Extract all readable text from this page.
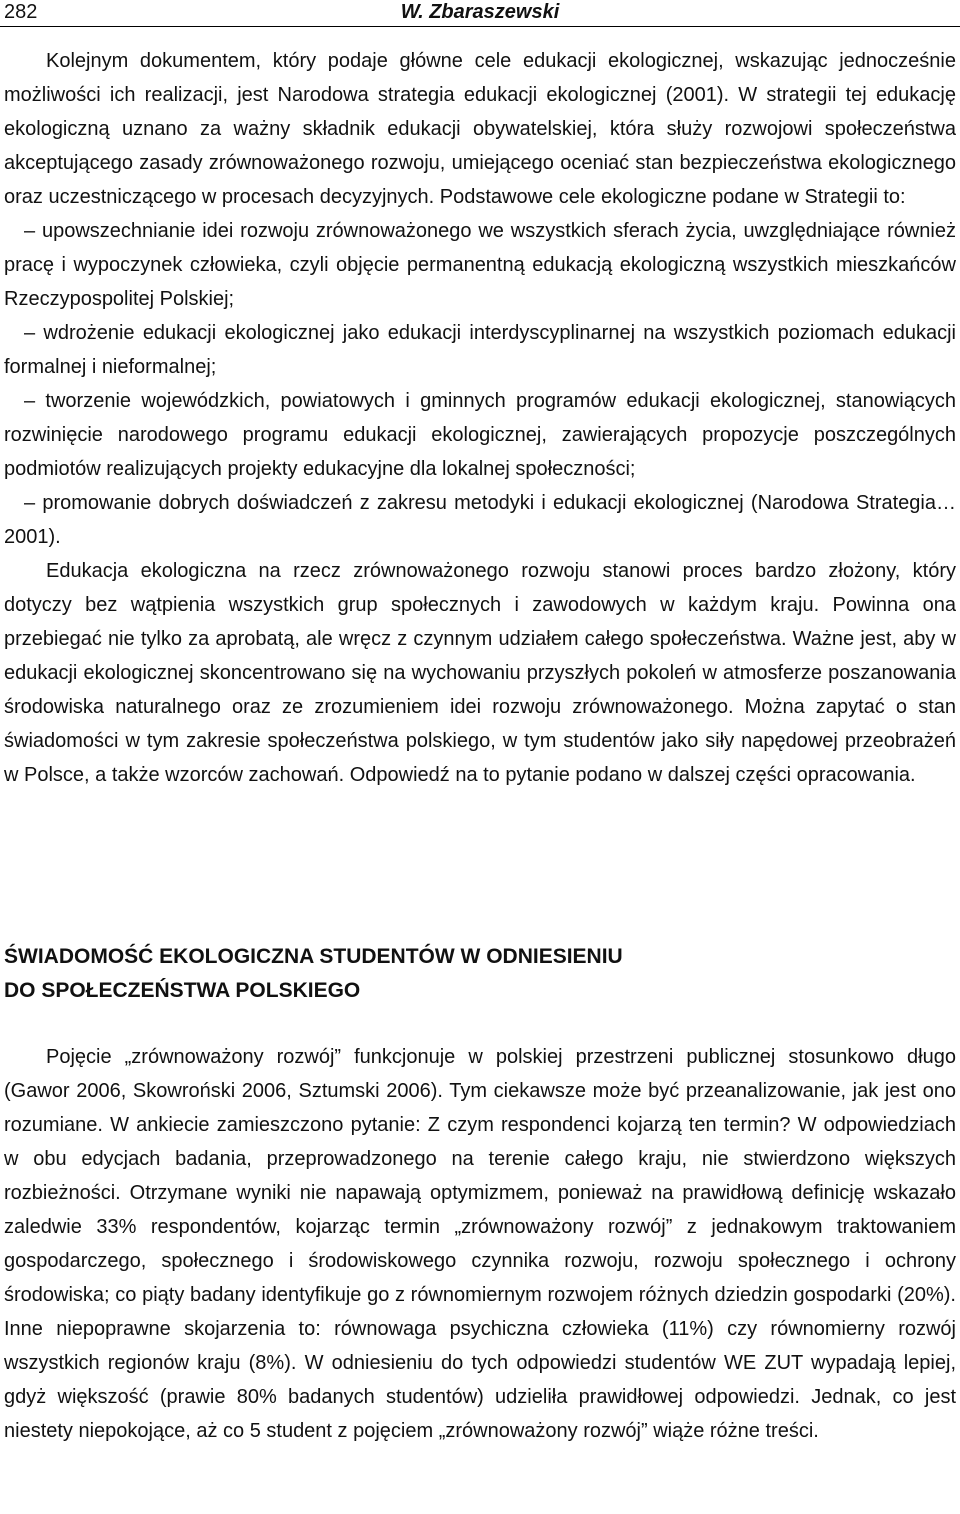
282	W. Zbaraszewski

Kolejnym dokumentem, który podaje główne cele edukacji ekologicznej, wskazując jednocześnie możliwości ich realizacji, jest Narodowa strategia edukacji ekologicznej (2001). W strategii tej edukację ekologiczną uznano za ważny składnik edukacji obywatelskiej, która służy rozwojowi społeczeństwa akceptującego zasady zrównoważonego rozwoju, umiejącego oceniać stan bezpieczeństwa ekologicznego oraz uczestniczącego w procesach decyzyjnych. Podstawowe cele ekologiczne podane w Strategii to:

– upowszechnianie idei rozwoju zrównoważonego we wszystkich sferach życia, uwzględniające również pracę i wypoczynek człowieka, czyli objęcie permanentną edukacją ekologiczną wszystkich mieszkańców Rzeczypospolitej Polskiej;

– wdrożenie edukacji ekologicznej jako edukacji interdyscyplinarnej na wszystkich poziomach edukacji formalnej i nieformalnej;

– tworzenie wojewódzkich, powiatowych i gminnych programów edukacji ekologicznej, stanowiących rozwinięcie narodowego programu edukacji ekologicznej, zawierających propozycje poszczególnych podmiotów realizujących projekty edukacyjne dla lokalnej społeczności;

– promowanie dobrych doświadczeń z zakresu metodyki i edukacji ekologicznej (Narodowa Strategia… 2001).

Edukacja ekologiczna na rzecz zrównoważonego rozwoju stanowi proces bardzo złożony, który dotyczy bez wątpienia wszystkich grup społecznych i zawodowych w każdym kraju. Powinna ona przebiegać nie tylko za aprobatą, ale wręcz z czynnym udziałem całego społeczeństwa. Ważne jest, aby w edukacji ekologicznej skoncentrowano się na wychowaniu przyszłych pokoleń w atmosferze poszanowania środowiska naturalnego oraz ze zrozumieniem idei rozwoju zrównoważonego. Można zapytać o stan świadomości w tym zakresie społeczeństwa polskiego, w tym studentów jako siły napędowej przeobrażeń w Polsce, a także wzorców zachowań. Odpowiedź na to pytanie podano w dalszej części opracowania.

ŚWIADOMOŚĆ EKOLOGICZNA STUDENTÓW W ODNIESIENIU
DO SPOŁECZEŃSTWA POLSKIEGO

Pojęcie „zrównoważony rozwój” funkcjonuje w polskiej przestrzeni publicznej stosunkowo długo (Gawor 2006, Skowroński 2006, Sztumski 2006). Tym ciekawsze może być przeanalizowanie, jak jest ono rozumiane. W ankiecie zamieszczono pytanie: Z czym respondenci kojarzą ten termin? W odpowiedziach w obu edycjach badania, przeprowadzonego na terenie całego kraju, nie stwierdzono większych rozbieżności. Otrzymane wyniki nie napawają optymizmem, ponieważ na prawidłową definicję wskazało zaledwie 33% respondentów, kojarząc termin „zrównoważony rozwój” z jednakowym traktowaniem gospodarczego, społecznego i środowiskowego czynnika rozwoju, rozwoju społecznego i ochrony środowiska; co piąty badany identyfikuje go z równomiernym rozwojem różnych dziedzin gospodarki (20%). Inne niepoprawne skojarzenia to: równowaga psychiczna człowieka (11%) czy równomierny rozwój wszystkich regionów kraju (8%). W odniesieniu do tych odpowiedzi studentów WE ZUT wypadają lepiej, gdyż większość (prawie 80% badanych studentów) udzieliła prawidłowej odpowiedzi. Jednak, co jest niestety niepokojące, aż co 5 student z pojęciem „zrównoważony rozwój” wiąże różne treści.
